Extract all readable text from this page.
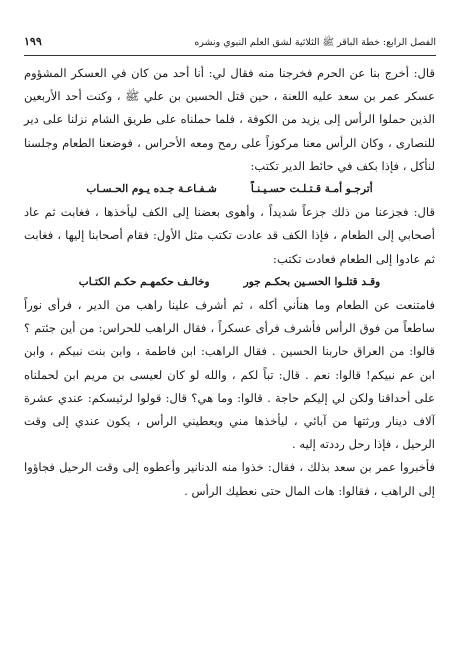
الفصل الرابع: خطة الباقر ﷺ الثلاثية لشق العلم النبوي ونشره
١٩٩

قال: أخرج بنا عن الحرم فخرجنا منه فقال لي: أنا أحد من كان في العسكر المشؤوم عسكر عمر بن سعد عليه اللعنة ، حين قتل الحسين بن علي ﷺ ، وكنت أحد الأربعين الذين حملوا الرأس إلى يزيد من الكوفة ، فلما حملناه على طريق الشام نزلنا على دير للنصارى ، وكان الرأس معنا مركوزاً على رمح ومعه الأحراس ، فوضعنا الطعام وجلسنا لنأكل ، فإذا بكف في حائط الدير تكتب:

أترجـو أمـة قـتـلـت حسـيـنـاً
شـفـاعـة جـده يـوم الحـسـاب

قال: فجزعنا من ذلك جزعاً شديداً ، وأهوى بعضنا إلى الكف ليأخذها ، فغابت ثم عاد أصحابي إلى الطعام ، فإذا الكف قد عادت تكتب مثل الأول: فقام أصحابنا إليها ، فغابت ثم عادوا إلى الطعام فعادت تكتب:

وقـد قتلـوا الحسـين بحكـم جور
وخالـف حكمهـم حكـم الكتـاب

فامتنعت عن الطعام وما هنأني أكله ، ثم أشرف علينا راهب من الدير ، فرأى نوراً ساطعاً من فوق الرأس فأشرف فرأى عسكراً ، فقال الراهب للحراس: من أين جئتم ؟ قالوا: من العراق حاربنا الحسين . فقال الراهب: ابن فاطمة ، وابن بنت نبيكم ، وابن ابن عم نبيكم! قالوا: نعم . قال: تباً لكم ، والله لو كان لعيسى بن مريم ابن لحملناه على أحداقنا ولكن لي إليكم حاجة . قالوا: وما هي؟ قال: قولوا لرئيسكم: عندي عشرة آلاف دينار ورثتها من آبائي ، ليأخذها مني ويعطيني الرأس ، يكون عندي إلى وقت الرحيل ، فإذا رحل رددته إليه .

فأخبروا عمر بن سعد بذلك ، فقال: خذوا منه الدنانير وأعطوه إلى وقت الرحيل فجاؤوا إلى الراهب ، فقالوا: هات المال حتى نعطيك الرأس .
